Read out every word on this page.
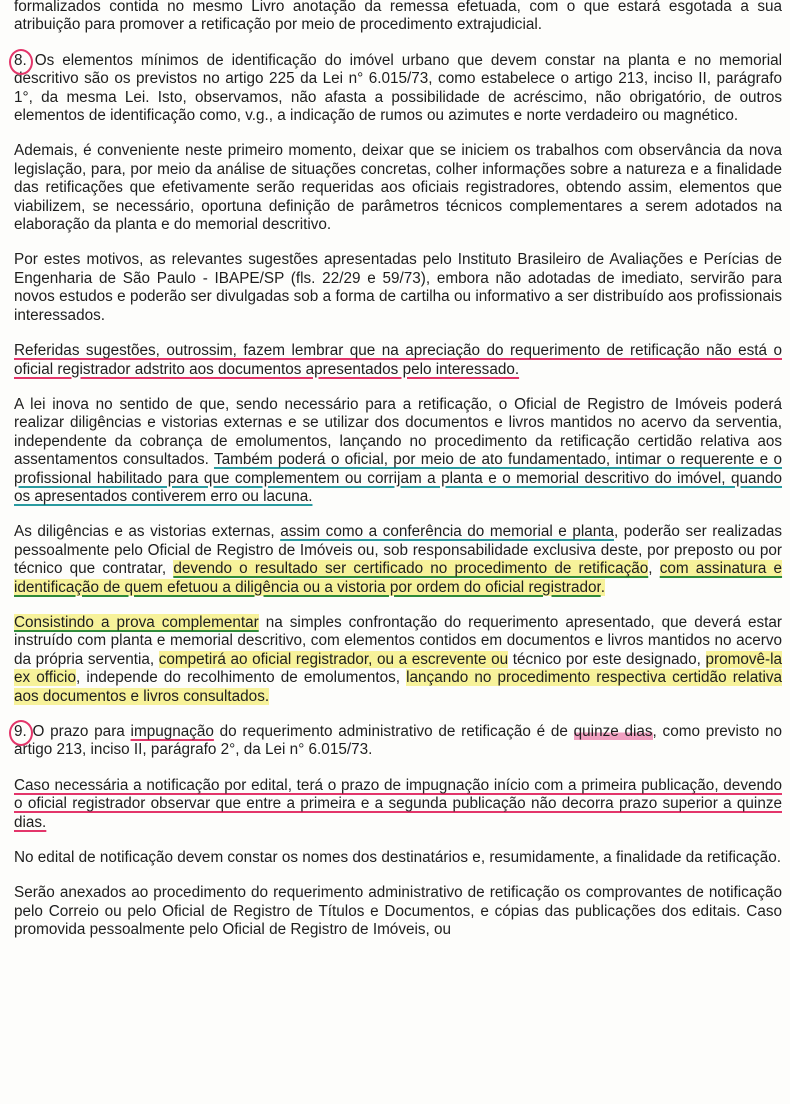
formalizados contida no mesmo Livro anotação da remessa efetuada, com o que estará esgotada a sua atribuição para promover a retificação por meio de procedimento extrajudicial.

8. Os elementos mínimos de identificação do imóvel urbano que devem constar na planta e no memorial descritivo são os previstos no artigo 225 da Lei n° 6.015/73, como estabelece o artigo 213, inciso II, parágrafo 1°, da mesma Lei. Isto, observamos, não afasta a possibilidade de acréscimo, não obrigatório, de outros elementos de identificação como, v.g., a indicação de rumos ou azimutes e norte verdadeiro ou magnético.

Ademais, é conveniente neste primeiro momento, deixar que se iniciem os trabalhos com observância da nova legislação, para, por meio da análise de situações concretas, colher informações sobre a natureza e a finalidade das retificações que efetivamente serão requeridas aos oficiais registradores, obtendo assim, elementos que viabilizem, se necessário, oportuna definição de parâmetros técnicos complementares a serem adotados na elaboração da planta e do memorial descritivo.

Por estes motivos, as relevantes sugestões apresentadas pelo Instituto Brasileiro de Avaliações e Perícias de Engenharia de São Paulo - IBAPE/SP (fls. 22/29 e 59/73), embora não adotadas de imediato, servirão para novos estudos e poderão ser divulgadas sob a forma de cartilha ou informativo a ser distribuído aos profissionais interessados.

Referidas sugestões, outrossim, fazem lembrar que na apreciação do requerimento de retificação não está o oficial registrador adstrito aos documentos apresentados pelo interessado.

A lei inova no sentido de que, sendo necessário para a retificação, o Oficial de Registro de Imóveis poderá realizar diligências e vistorias externas e se utilizar dos documentos e livros mantidos no acervo da serventia, independente da cobrança de emolumentos, lançando no procedimento da retificação certidão relativa aos assentamentos consultados. Também poderá o oficial, por meio de ato fundamentado, intimar o requerente e o profissional habilitado para que complementem ou corrijam a planta e o memorial descritivo do imóvel, quando os apresentados contiverem erro ou lacuna.

As diligências e as vistorias externas, assim como a conferência do memorial e planta, poderão ser realizadas pessoalmente pelo Oficial de Registro de Imóveis ou, sob responsabilidade exclusiva deste, por preposto ou por técnico que contratar, devendo o resultado ser certificado no procedimento de retificação, com assinatura e identificação de quem efetuou a diligência ou a vistoria por ordem do oficial registrador.

Consistindo a prova complementar na simples confrontação do requerimento apresentado, que deverá estar instruído com planta e memorial descritivo, com elementos contidos em documentos e livros mantidos no acervo da própria serventia, competirá ao oficial registrador, ou a escrevente ou técnico por este designado, promovê-la ex officio, independe do recolhimento de emolumentos, lançando no procedimento respectiva certidão relativa aos documentos e livros consultados.

9. O prazo para impugnação do requerimento administrativo de retificação é de quinze dias, como previsto no artigo 213, inciso II, parágrafo 2°, da Lei n° 6.015/73.

Caso necessária a notificação por edital, terá o prazo de impugnação início com a primeira publicação, devendo o oficial registrador observar que entre a primeira e a segunda publicação não decorra prazo superior a quinze dias.

No edital de notificação devem constar os nomes dos destinatários e, resumidamente, a finalidade da retificação.

Serão anexados ao procedimento do requerimento administrativo de retificação os comprovantes de notificação pelo Correio ou pelo Oficial de Registro de Títulos e Documentos, e cópias das publicações dos editais. Caso promovida pessoalmente pelo Oficial de Registro de Imóveis, ou
